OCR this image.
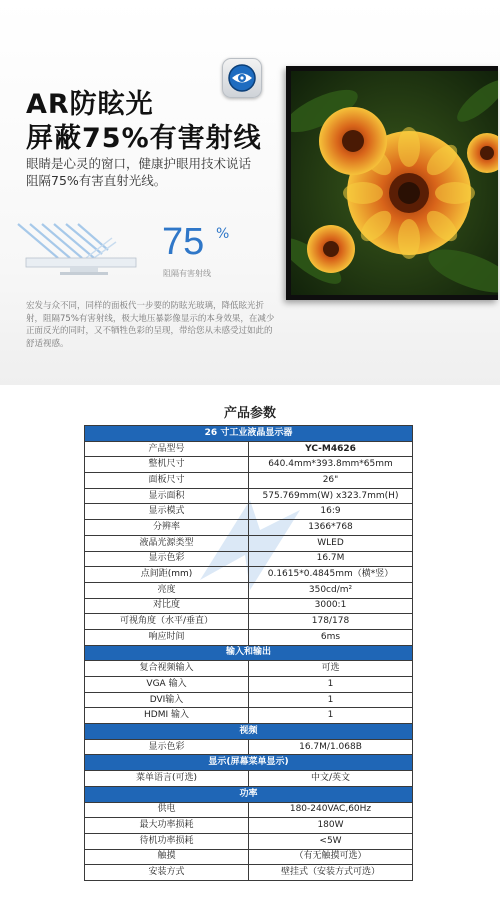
AR防眩光
屏蔽75%有害射线
眼睛是心灵的窗口，健康护眼用技术说话
阻隔75%有害直射光线。
75 %
阻隔有害射线
宏发与众不同，同样的面板代一步要的防眩光玻璃，降低眩光折射，阻隔75%有害射线，极大地压暴影像显示的本身效果，在减少正面反光的同时，又不牺牲色彩的呈现，带给您从未感受过如此的舒适视感。
产品参数
26 寸工业液晶显示器	
产品型号	YC-M4626
整机尺寸	640.4mm*393.8mm*65mm
面板尺寸	26"
显示面积	575.769mm(W) x323.7mm(H)
显示模式	16:9
分辨率	1366*768
液晶光源类型	WLED
显示色彩	16.7M
点间距(mm)	0.1615*0.4845mm（横*竖）
亮度	350cd/m²
对比度	3000:1
可视角度（水平/垂直）	178/178
响应时间	6ms
输入和输出	
复合视频输入	可选
VGA 输入	1
DVI输入	1
HDMI 输入	1
视频	
显示色彩	16.7M/1.068B
显示(屏幕菜单显示)	
菜单语言(可选)	中文/英文
功率	
供电	180-240VAC,60Hz
最大功率损耗	180W
待机功率损耗	<5W
触摸	（有无触摸可选）
安装方式	壁挂式（安装方式可选）
